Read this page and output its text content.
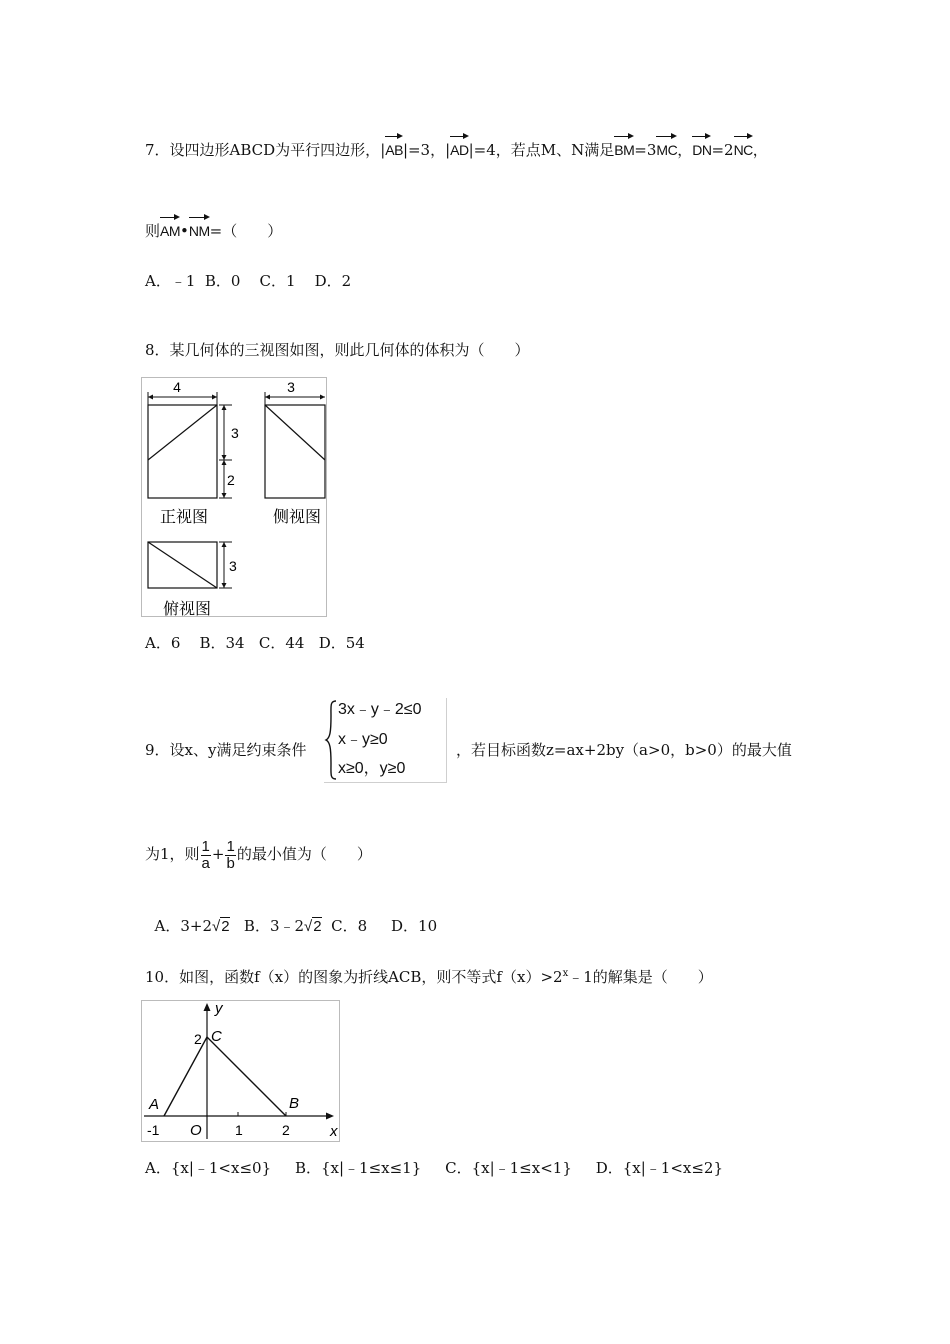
7．设四边形ABCD为平行四边形，|
AB|=3，|
AD|=4，若点M、N满足
BM=3
MC，
DN=2
NC，
则
AM•
NM=（　　）
A．﹣1  B．0    C．1    D．2
8．某几何体的三视图如图，则此几何体的体积为（　　）
4
3
2
正视图
3
侧视图
3
俯视图
A．6    B．34   C．44   D．54
9．设x、y满足约束条件
3x﹣y﹣2≤0
x﹣y≥0
x≥0，y≥0
，若目标函数z=ax+2by（a>0，b>0）的最大值
为1，则 $\frac{1}{a} + \frac{1}{b}$ 的最小值为（　　）

A．3+2√2   B．3﹣2√2  C．8     D．10

10．如图，函数f（x）的图象为折线ACB，则不等式$f(x)>2^x﹣1$的解集是（　　）
y
x
A	B
C
O
-1	1	2
2
A．{x|﹣1<x≤0}     B．{x|﹣1≤x≤1}     C．{x|﹣1≤x<1}     D．{x|﹣1<x≤2}
